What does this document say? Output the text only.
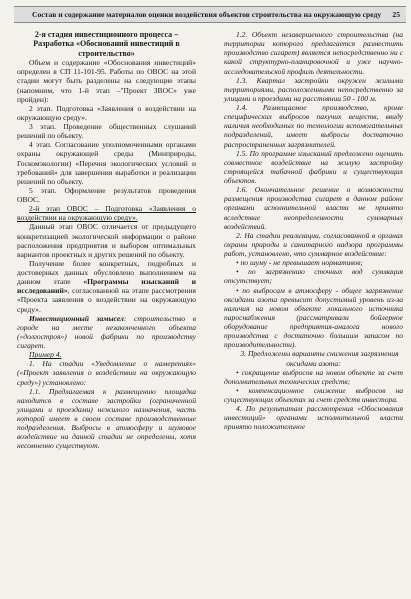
Состав и содержание материалов оценки воздействия объектов строительства на окружающую среду 25

2-я стадия инвестиционного процесса – Разработка «Обоснований инвестиций в строительство»

Объем и содержание «Обоснования инвестиций» определен в СП 11-101-95. Работы по ОВОС на этой стадии могут быть разделены на следующие этапы (напомним, что 1-й этап –"Проект ЗВОС» уже пройден):

2 этап. Подготовка «Заявления о воздействии на окружающую среду».

3 этап. Проведение общественных слушаний решений по объекту.

4 этап. Согласование уполномоченными органами охраны окружающей среды (Минприроды, Госкомэкологии) «Перечня экологических условий и требований» для завершения выработки и реализации решений по объекту.

5 этап. Оформление результатов проведения ОВОС.

2-й этап ОВОС – Подготовка «Заявления о воздействии на окружающую среду».

Данный этап ОВОС отличается от предыдущего конкретизацией экологической информации о районе расположения предприятия и выбором оптимальных вариантов проектных и других решений по объекту.

Получение более конкретных, подробных и достоверных данных обусловлено выполнением на данном этапе «Программы изысканий и исследований», согласованной на этапе рассмотрения «Проекта заявления о воздействии на окружающую среду».

Инвестиционный замысел: строительство в городе на месте незаконченного объекта («долгостроя») новой фабрики по производству сигарет.

Пример 4.

1. На стадии «Уведомление о намерениях» («Проект заявления о воздействии на окружающую среду») установлено:

1.1. Предлагаемая к размещению площадка находится в составе застройки (ограниченной улицами и проездами) нежилого назначения, часть которой имеет в своем составе производственные подразделения. Выбросы в атмосферу и шумовое воздействие на данной стадии не определены, хотя несомненно существуют.

1.2. Объект незавершенного строительства (на территории которого предлагается разместить производство сигарет) является непосредственно ни с какой структурно-планировочной и уже научно-исследовательской профиль деятельности.

1.3. Квартал застройки окружен жилыми территориями, расположенными непосредственно за улицами и проездами на расстоянии 50 - 100 м.

1.4. Размещаемое производство, кроме специфических выбросов пахучих веществ, ввиду наличия необходимых по технологии вспомогательных подразделений, имеет выбросы достаточно распространенных загрязнителей.

1.5. По программе изысканий предложено оценить совместное воздействие на жилую застройку строящейся табачной фабрики и существующих объектов.

1.6. Окончательное решение о возможности размещения производства сигарет в данном районе органами исполнительной власти не принято вследствие неопределенности суммарных воздействий.

2. На стадии реализации, согласованной в органах охраны природы и санитарного надзора программы работ, установлено, что суммарное воздействие:

• по шуму - не превышает нормативов;

• по загрязнению сточных вод суммация отсутствует;

• по выбросам в атмосферу - общее загрязнение оксидами азота превысит допустимый уровень из-за наличия на новом объекте локального источника пароснабжения (рассматривали бойлерное оборудование предприятия-аналога нового производства с достаточно большим запасом по производительности).

3. Предложены варианты снижения загрязнения оксидами азота:

• сокращение выбросов на новом объекте за счет дополнительных технических средств;

• компенсационное снижение выбросов на существующих объектах за счет средств инвестора.

4. По результатам рассмотрения «Обоснования инвестиций» органами исполнительной власти принято положительное
